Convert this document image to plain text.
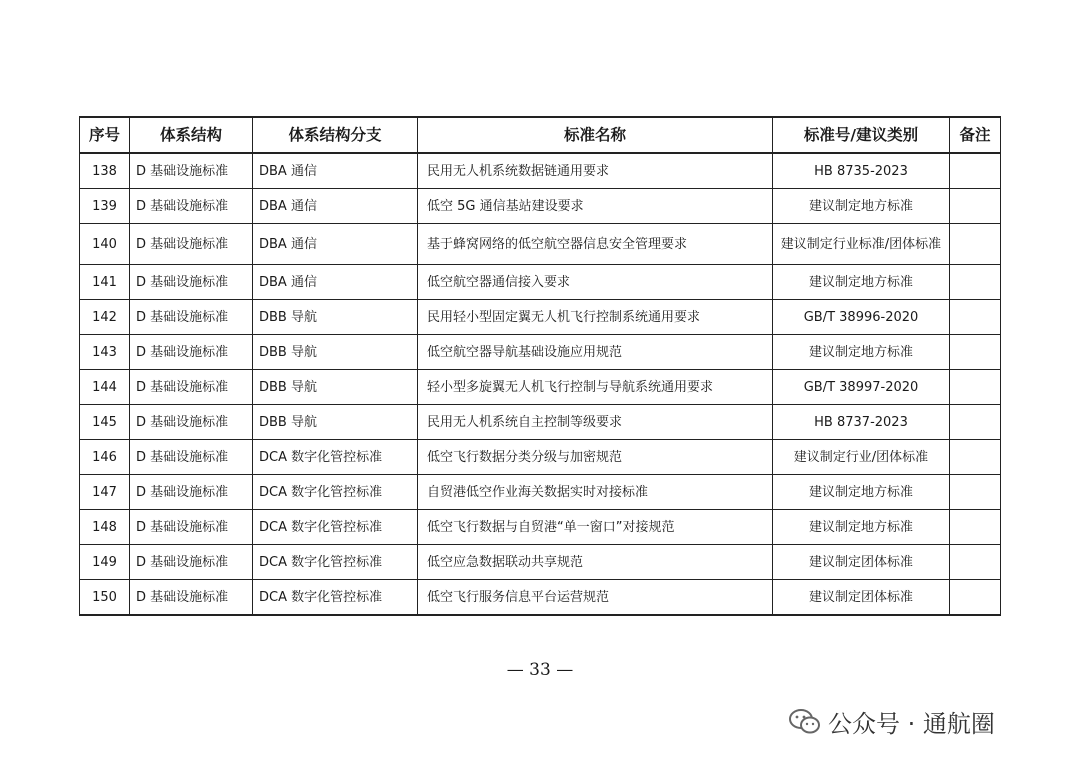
序号	体系结构	体系结构分支	标准名称	标准号/建议类别	备注
138	D 基础设施标准	DBA 通信	民用无人机系统数据链通用要求	HB 8735-2023	
139	D 基础设施标准	DBA 通信	低空 5G 通信基站建设要求	建议制定地方标准	
140	D 基础设施标准	DBA 通信	基于蜂窝网络的低空航空器信息安全管理要求	建议制定行业标准/团体标准	
141	D 基础设施标准	DBA 通信	低空航空器通信接入要求	建议制定地方标准	
142	D 基础设施标准	DBB 导航	民用轻小型固定翼无人机飞行控制系统通用要求	GB/T 38996-2020	
143	D 基础设施标准	DBB 导航	低空航空器导航基础设施应用规范	建议制定地方标准	
144	D 基础设施标准	DBB 导航	轻小型多旋翼无人机飞行控制与导航系统通用要求	GB/T 38997-2020	
145	D 基础设施标准	DBB 导航	民用无人机系统自主控制等级要求	HB 8737-2023	
146	D 基础设施标准	DCA 数字化管控标准	低空飞行数据分类分级与加密规范	建议制定行业/团体标准	
147	D 基础设施标准	DCA 数字化管控标准	自贸港低空作业海关数据实时对接标准	建议制定地方标准	
148	D 基础设施标准	DCA 数字化管控标准	低空飞行数据与自贸港“单一窗口”对接规范	建议制定地方标准	
149	D 基础设施标准	DCA 数字化管控标准	低空应急数据联动共享规范	建议制定团体标准	
150	D 基础设施标准	DCA 数字化管控标准	低空飞行服务信息平台运营规范	建议制定团体标准	
— 33 —
公众号 · 通航圈
